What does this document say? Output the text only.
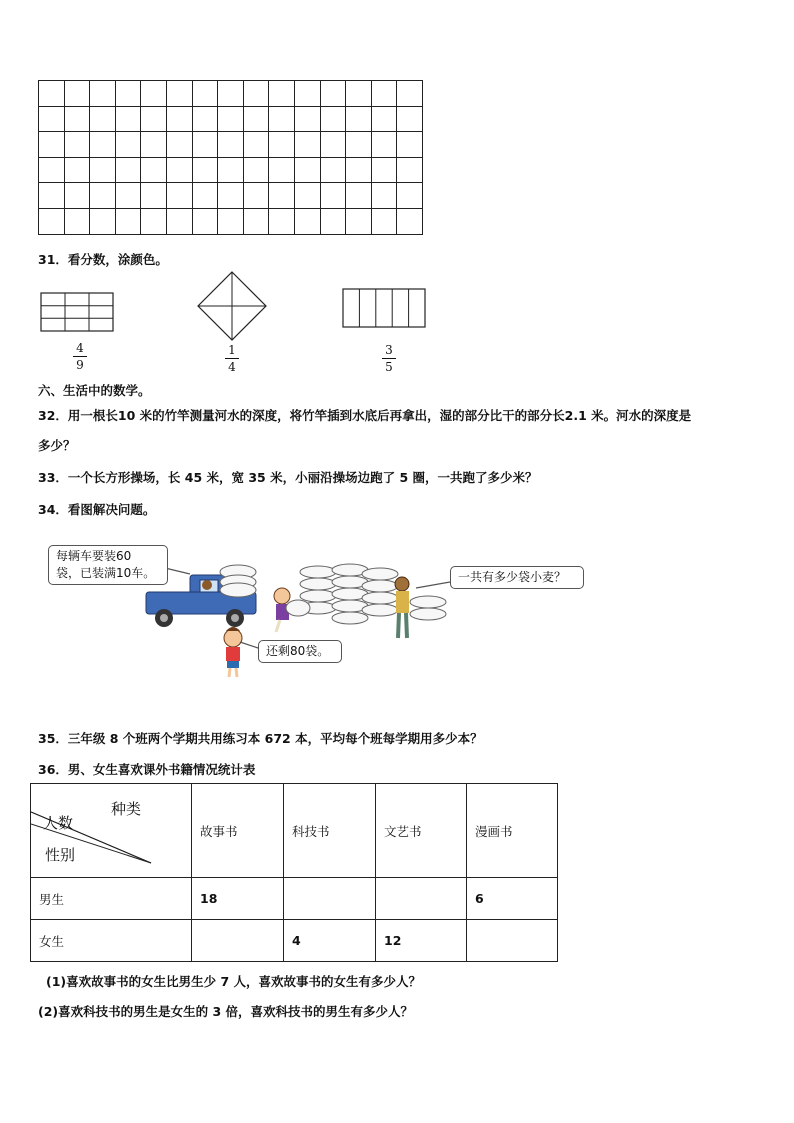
31．看分数，涂颜色。
4
9
1
4
3
5
六、生活中的数学。
32．用一根长10 米的竹竿测量河水的深度，将竹竿插到水底后再拿出，湿的部分比干的部分长2.1 米。河水的深度是
多少？
33．一个长方形操场，长 45 米，宽 35 米，小丽沿操场边跑了 5 圈，一共跑了多少米？
34．看图解决问题。
每辆车要装60
袋，已装满10车。	一共有多少袋小麦？
还剩80袋。
35．三年级 8 个班两个学期共用练习本 672 本，平均每个班每学期用多少本？
36．男、女生喜欢课外书籍情况统计表
种类
人数
性别	故事书	科技书	文艺书	漫画书
男生	18			6
女生		4	12	
(1)喜欢故事书的女生比男生少 7 人，喜欢故事书的女生有多少人？
(2)喜欢科技书的男生是女生的 3 倍，喜欢科技书的男生有多少人？
